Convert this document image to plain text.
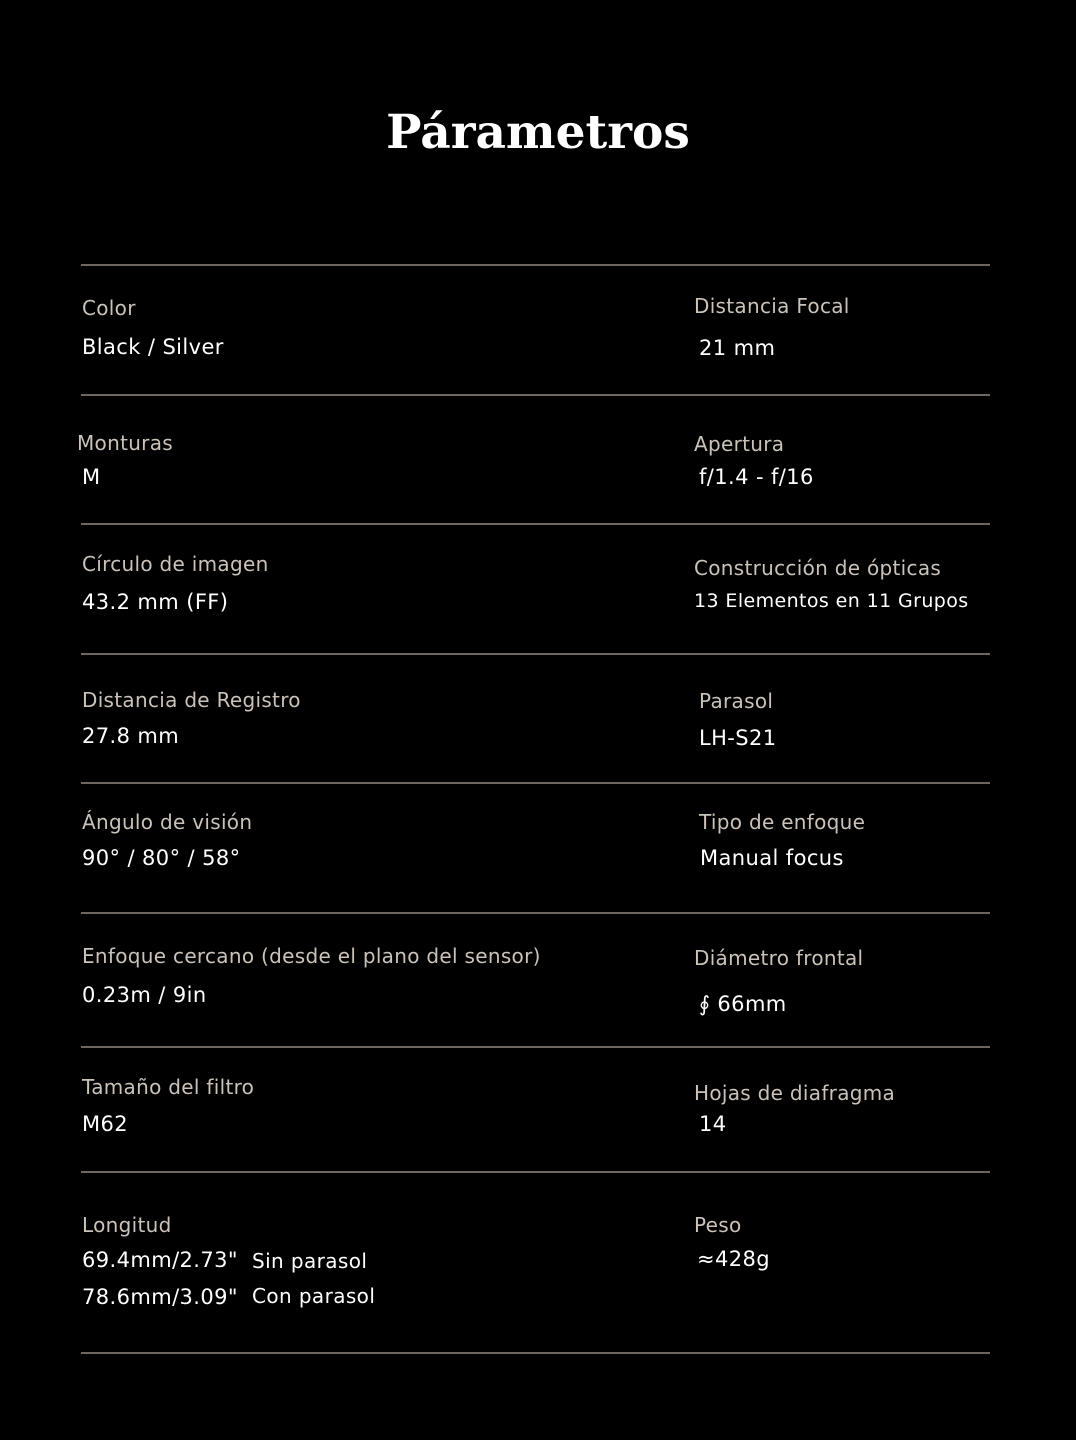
Párametros
Color
Black / Silver
Distancia Focal
21 mm
Monturas
M
Apertura
f/1.4 - f/16
Círculo de imagen
43.2 mm (FF)
Construcción de ópticas
13 Elementos en 11 Grupos
Distancia de Registro
27.8 mm
Parasol
LH-S21
Ángulo de visión
90° / 80° / 58°
Tipo de enfoque
Manual focus
Enfoque cercano (desde el plano del sensor)
0.23m / 9in
Diámetro frontal
∮ 66mm
Tamaño del filtro
M62
Hojas de diafragma
14
Longitud
69.4mm/2.73" Sin parasol
78.6mm/3.09" Con parasol
Peso
≈428g
